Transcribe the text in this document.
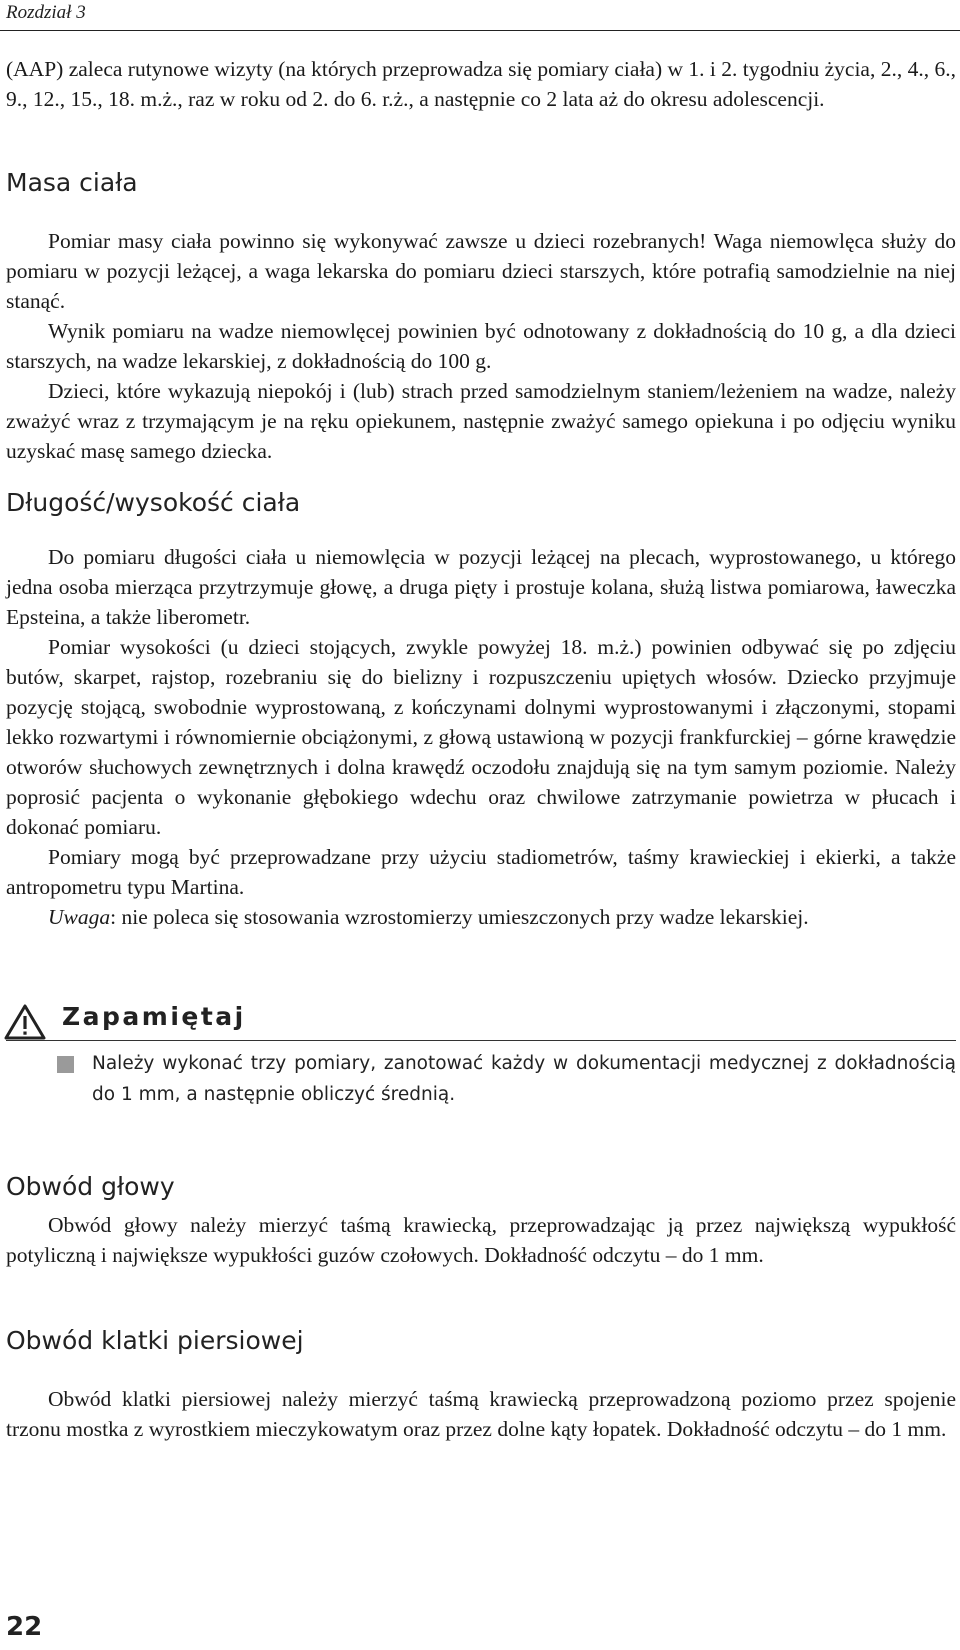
Rozdział 3

(AAP) zaleca rutynowe wizyty (na których przeprowadza się pomiary ciała) w 1. i 2. tygodniu życia, 2., 4., 6., 9., 12., 15., 18. m.ż., raz w roku od 2. do 6. r.ż., a następnie co 2 lata aż do okresu adolescencji.

Masa ciała

Pomiar masy ciała powinno się wykonywać zawsze u dzieci rozebranych! Waga niemowlęca służy do pomiaru w pozycji leżącej, a waga lekarska do pomiaru dzieci starszych, które potrafią samodzielnie na niej stanąć.

Wynik pomiaru na wadze niemowlęcej powinien być odnotowany z dokładnością do 10 g, a dla dzieci starszych, na wadze lekarskiej, z dokładnością do 100 g.

Dzieci, które wykazują niepokój i (lub) strach przed samodzielnym staniem/leżeniem na wadze, należy zważyć wraz z trzymającym je na ręku opiekunem, następnie zważyć samego opiekuna i po odjęciu wyniku uzyskać masę samego dziecka.

Długość/wysokość ciała

Do pomiaru długości ciała u niemowlęcia w pozycji leżącej na plecach, wyprostowanego, u którego jedna osoba mierząca przytrzymuje głowę, a druga pięty i prostuje kolana, służą listwa pomiarowa, ławeczka Epsteina, a także liberometr.

Pomiar wysokości (u dzieci stojących, zwykle powyżej 18. m.ż.) powinien odbywać się po zdjęciu butów, skarpet, rajstop, rozebraniu się do bielizny i rozpuszczeniu upiętych włosów. Dziecko przyjmuje pozycję stojącą, swobodnie wyprostowaną, z kończynami dolnymi wyprostowanymi i złączonymi, stopami lekko rozwartymi i równomiernie obciążonymi, z głową ustawioną w pozycji frankfurckiej – górne krawędzie otworów słuchowych zewnętrznych i dolna krawędź oczodołu znajdują się na tym samym poziomie. Należy poprosić pacjenta o wykonanie głębokiego wdechu oraz chwilowe zatrzymanie powietrza w płucach i dokonać pomiaru.

Pomiary mogą być przeprowadzane przy użyciu stadiometrów, taśmy krawieckiej i ekierki, a także antropometru typu Martina.

Uwaga: nie poleca się stosowania wzrostomierzy umieszczonych przy wadze lekarskiej.

Zapamiętaj

Należy wykonać trzy pomiary, zanotować każdy w dokumentacji medycznej z dokładnością do 1 mm, a następnie obliczyć średnią.

Obwód głowy

Obwód głowy należy mierzyć taśmą krawiecką, przeprowadzając ją przez największą wypukłość potyliczną i największe wypukłości guzów czołowych. Dokładność odczytu – do 1 mm.

Obwód klatki piersiowej

Obwód klatki piersiowej należy mierzyć taśmą krawiecką przeprowadzoną poziomo przez spojenie trzonu mostka z wyrostkiem mieczykowatym oraz przez dolne kąty łopatek. Dokładność odczytu – do 1 mm.

22
